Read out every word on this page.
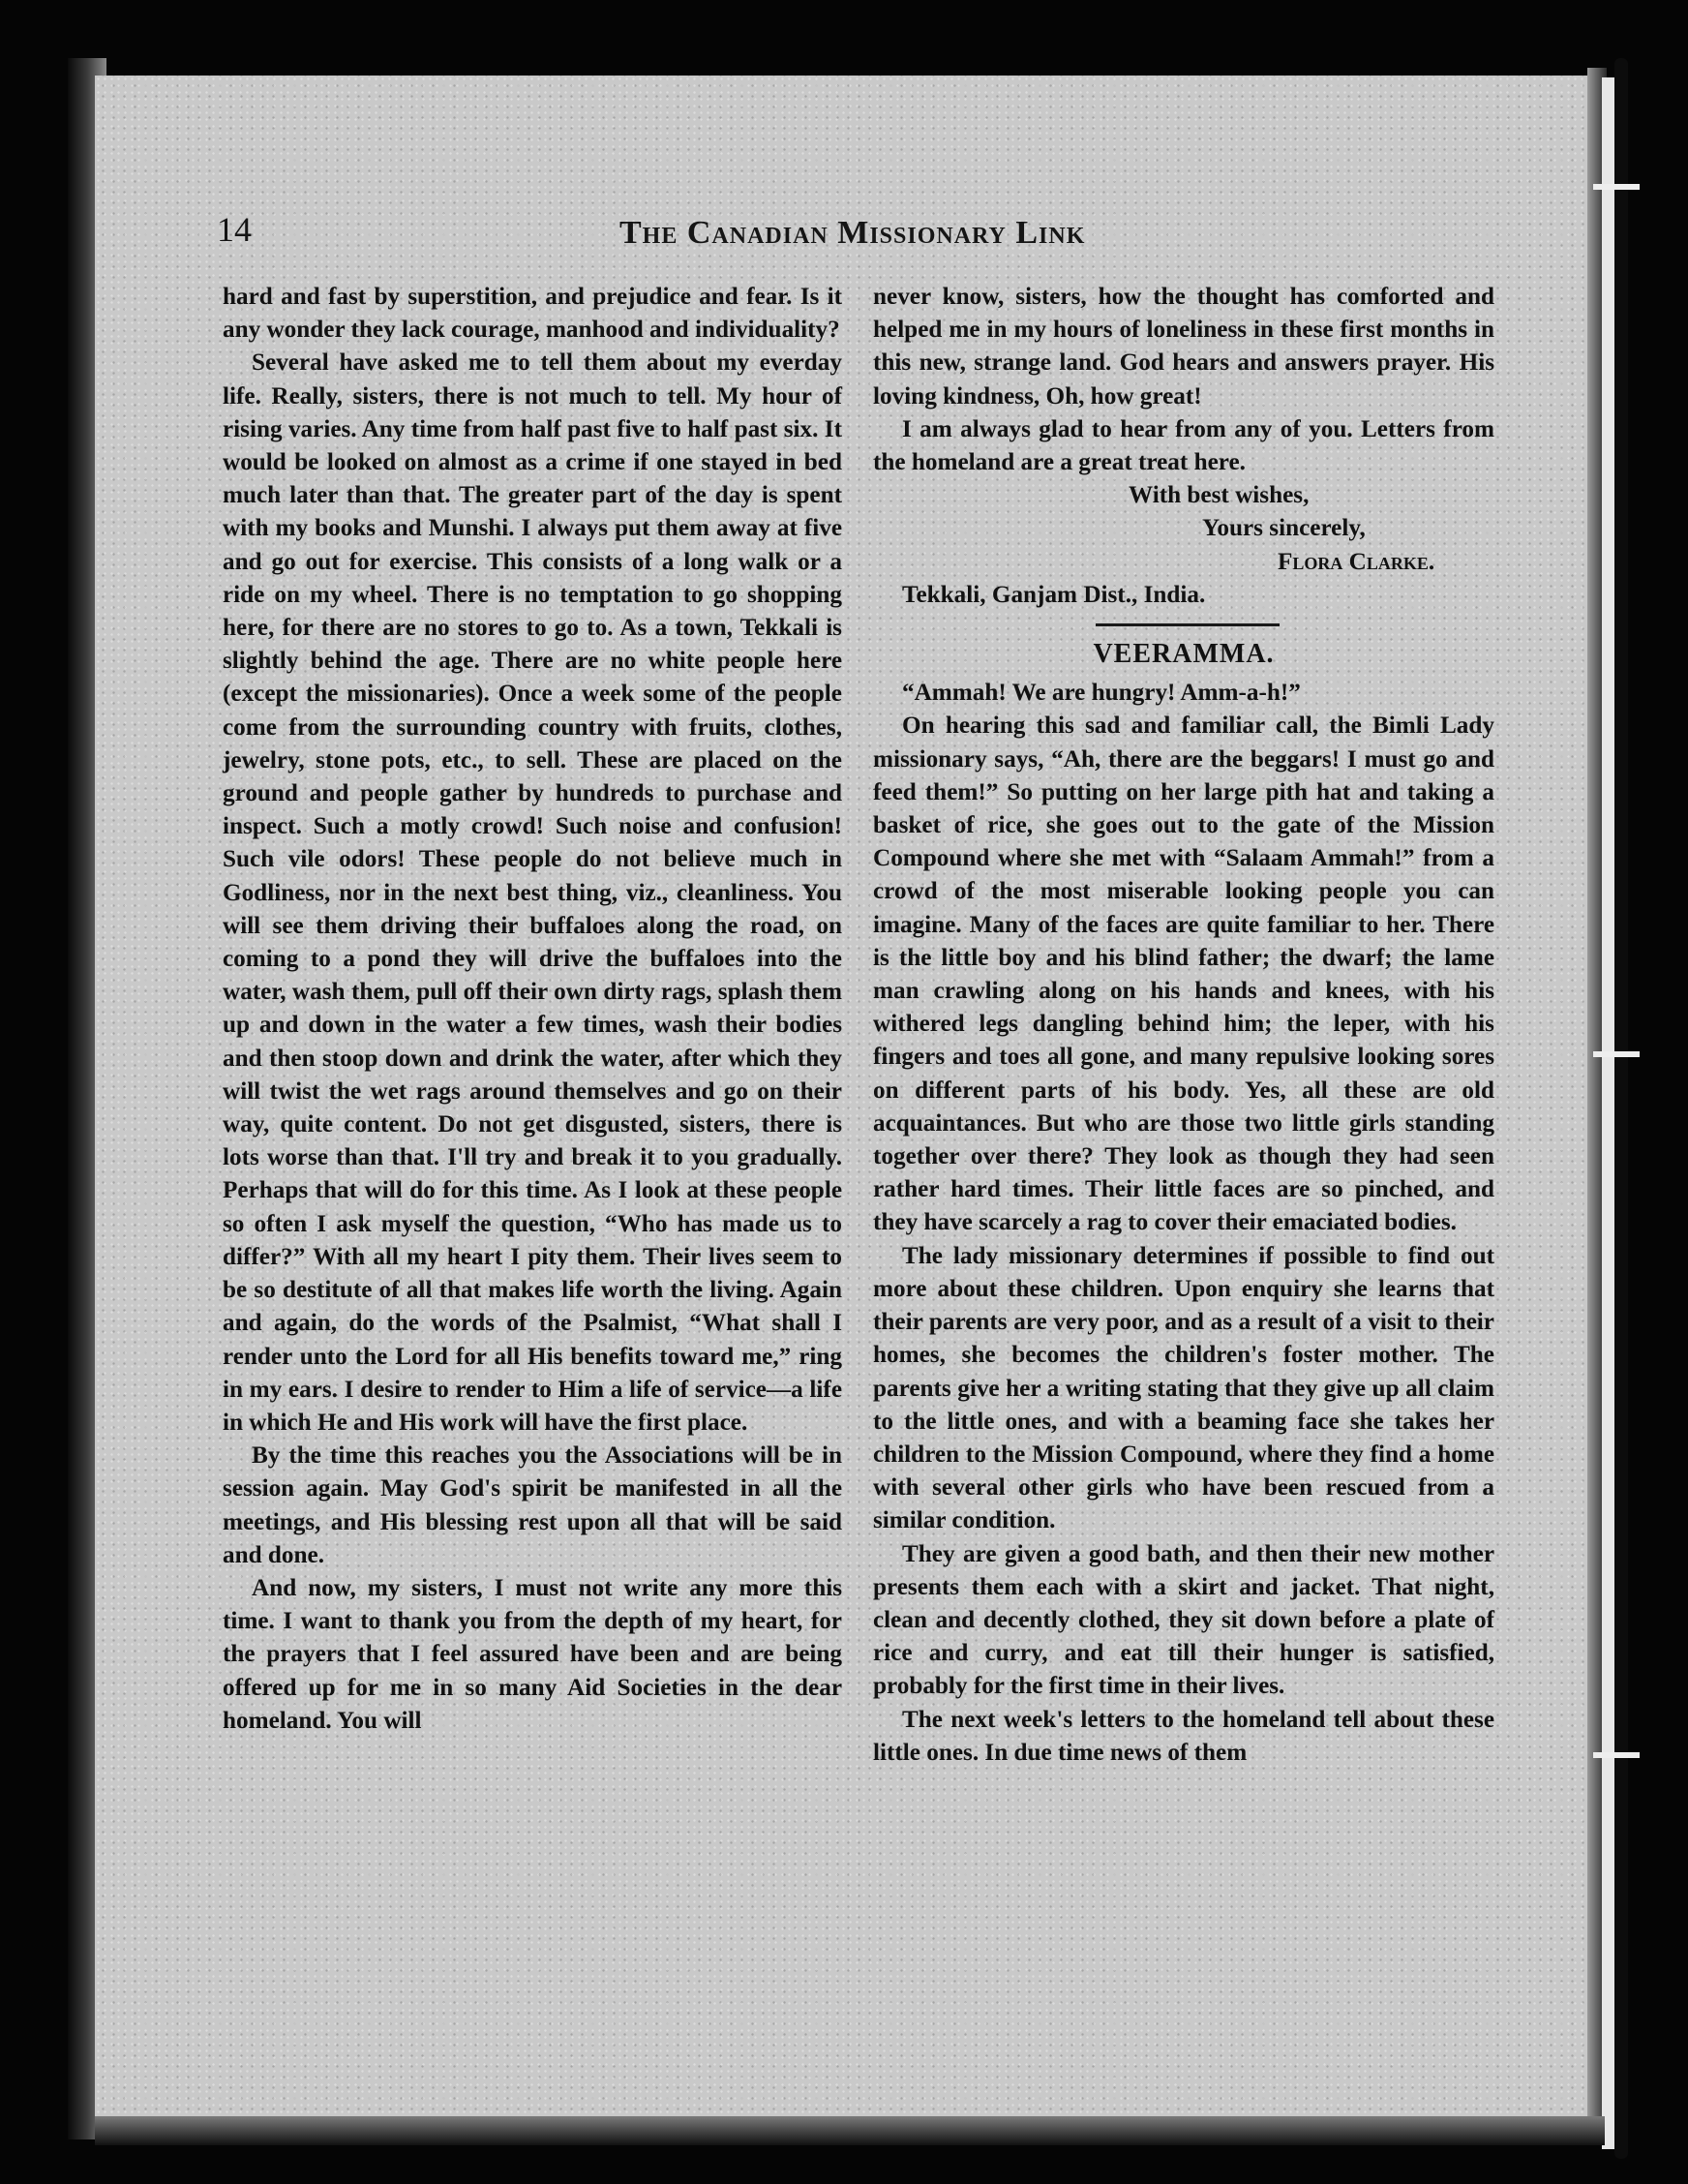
14	The Canadian Missionary Link

hard and fast by superstition, and prejudice and fear. Is it any wonder they lack courage, manhood and individuality?

Several have asked me to tell them about my everday life. Really, sisters, there is not much to tell. My hour of rising varies. Any time from half past five to half past six. It would be looked on almost as a crime if one stayed in bed much later than that. The greater part of the day is spent with my books and Munshi. I always put them away at five and go out for exercise. This consists of a long walk or a ride on my wheel. There is no temptation to go shopping here, for there are no stores to go to. As a town, Tekkali is slightly behind the age. There are no white people here (except the missionaries). Once a week some of the people come from the surrounding country with fruits, clothes, jewelry, stone pots, etc., to sell. These are placed on the ground and people gather by hundreds to purchase and inspect. Such a motly crowd! Such noise and confusion! Such vile odors! These people do not believe much in Godliness, nor in the next best thing, viz., cleanliness. You will see them driving their buffaloes along the road, on coming to a pond they will drive the buffaloes into the water, wash them, pull off their own dirty rags, splash them up and down in the water a few times, wash their bodies and then stoop down and drink the water, after which they will twist the wet rags around themselves and go on their way, quite content. Do not get disgusted, sisters, there is lots worse than that. I'll try and break it to you gradually. Perhaps that will do for this time. As I look at these people so often I ask myself the question, “Who has made us to differ?” With all my heart I pity them. Their lives seem to be so destitute of all that makes life worth the living. Again and again, do the words of the Psalmist, “What shall I render unto the Lord for all His benefits toward me,” ring in my ears. I desire to render to Him a life of service—a life in which He and His work will have the first place.

By the time this reaches you the Associations will be in session again. May God's spirit be manifested in all the meetings, and His blessing rest upon all that will be said and done.

And now, my sisters, I must not write any more this time. I want to thank you from the depth of my heart, for the prayers that I feel assured have been and are being offered up for me in so many Aid Societies in the dear homeland. You will

never know, sisters, how the thought has comforted and helped me in my hours of loneliness in these first months in this new, strange land. God hears and answers prayer. His loving kindness, Oh, how great!

I am always glad to hear from any of you. Letters from the homeland are a great treat here.

With best wishes,
Yours sincerely,
Flora Clarke.
Tekkali, Ganjam Dist., India.
VEERAMMA.

“Ammah! We are hungry! Amm-a-h!”

On hearing this sad and familiar call, the Bimli Lady missionary says, “Ah, there are the beggars! I must go and feed them!” So putting on her large pith hat and taking a basket of rice, she goes out to the gate of the Mission Compound where she met with “Salaam Ammah!” from a crowd of the most miserable looking people you can imagine. Many of the faces are quite familiar to her. There is the little boy and his blind father; the dwarf; the lame man crawling along on his hands and knees, with his withered legs dangling behind him; the leper, with his fingers and toes all gone, and many repulsive looking sores on different parts of his body. Yes, all these are old acquaintances. But who are those two little girls standing together over there? They look as though they had seen rather hard times. Their little faces are so pinched, and they have scarcely a rag to cover their emaciated bodies.

The lady missionary determines if possible to find out more about these children. Upon enquiry she learns that their parents are very poor, and as a result of a visit to their homes, she becomes the children's foster mother. The parents give her a writing stating that they give up all claim to the little ones, and with a beaming face she takes her children to the Mission Compound, where they find a home with several other girls who have been rescued from a similar condition.

They are given a good bath, and then their new mother presents them each with a skirt and jacket. That night, clean and decently clothed, they sit down before a plate of rice and curry, and eat till their hunger is satisfied, probably for the first time in their lives.

The next week's letters to the homeland tell about these little ones. In due time news of them
